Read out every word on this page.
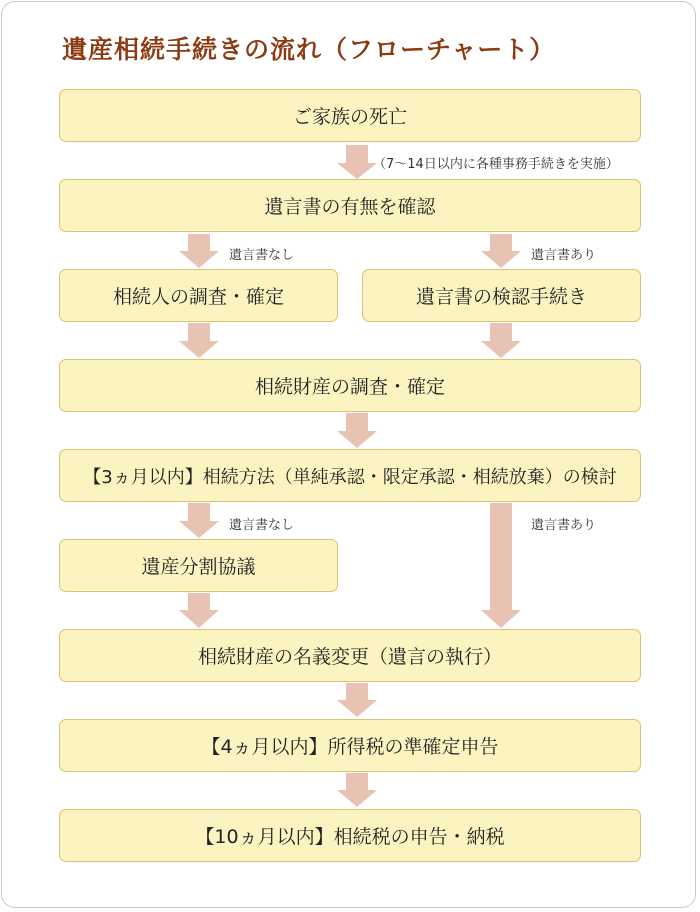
遺産相続手続きの流れ（フローチャート）
ご家族の死亡
（7〜14日以内に各種事務手続きを実施）
遺言書の有無を確認
遺言書なし	遺言書あり
相続人の調査・確定	遺言書の検認手続き
相続財産の調査・確定
【3ヵ月以内】相続方法（単純承認・限定承認・相続放棄）の検討
遺言書なし	遺言書あり
遺産分割協議
相続財産の名義変更（遺言の執行）
【4ヵ月以内】所得税の準確定申告
【10ヵ月以内】相続税の申告・納税
